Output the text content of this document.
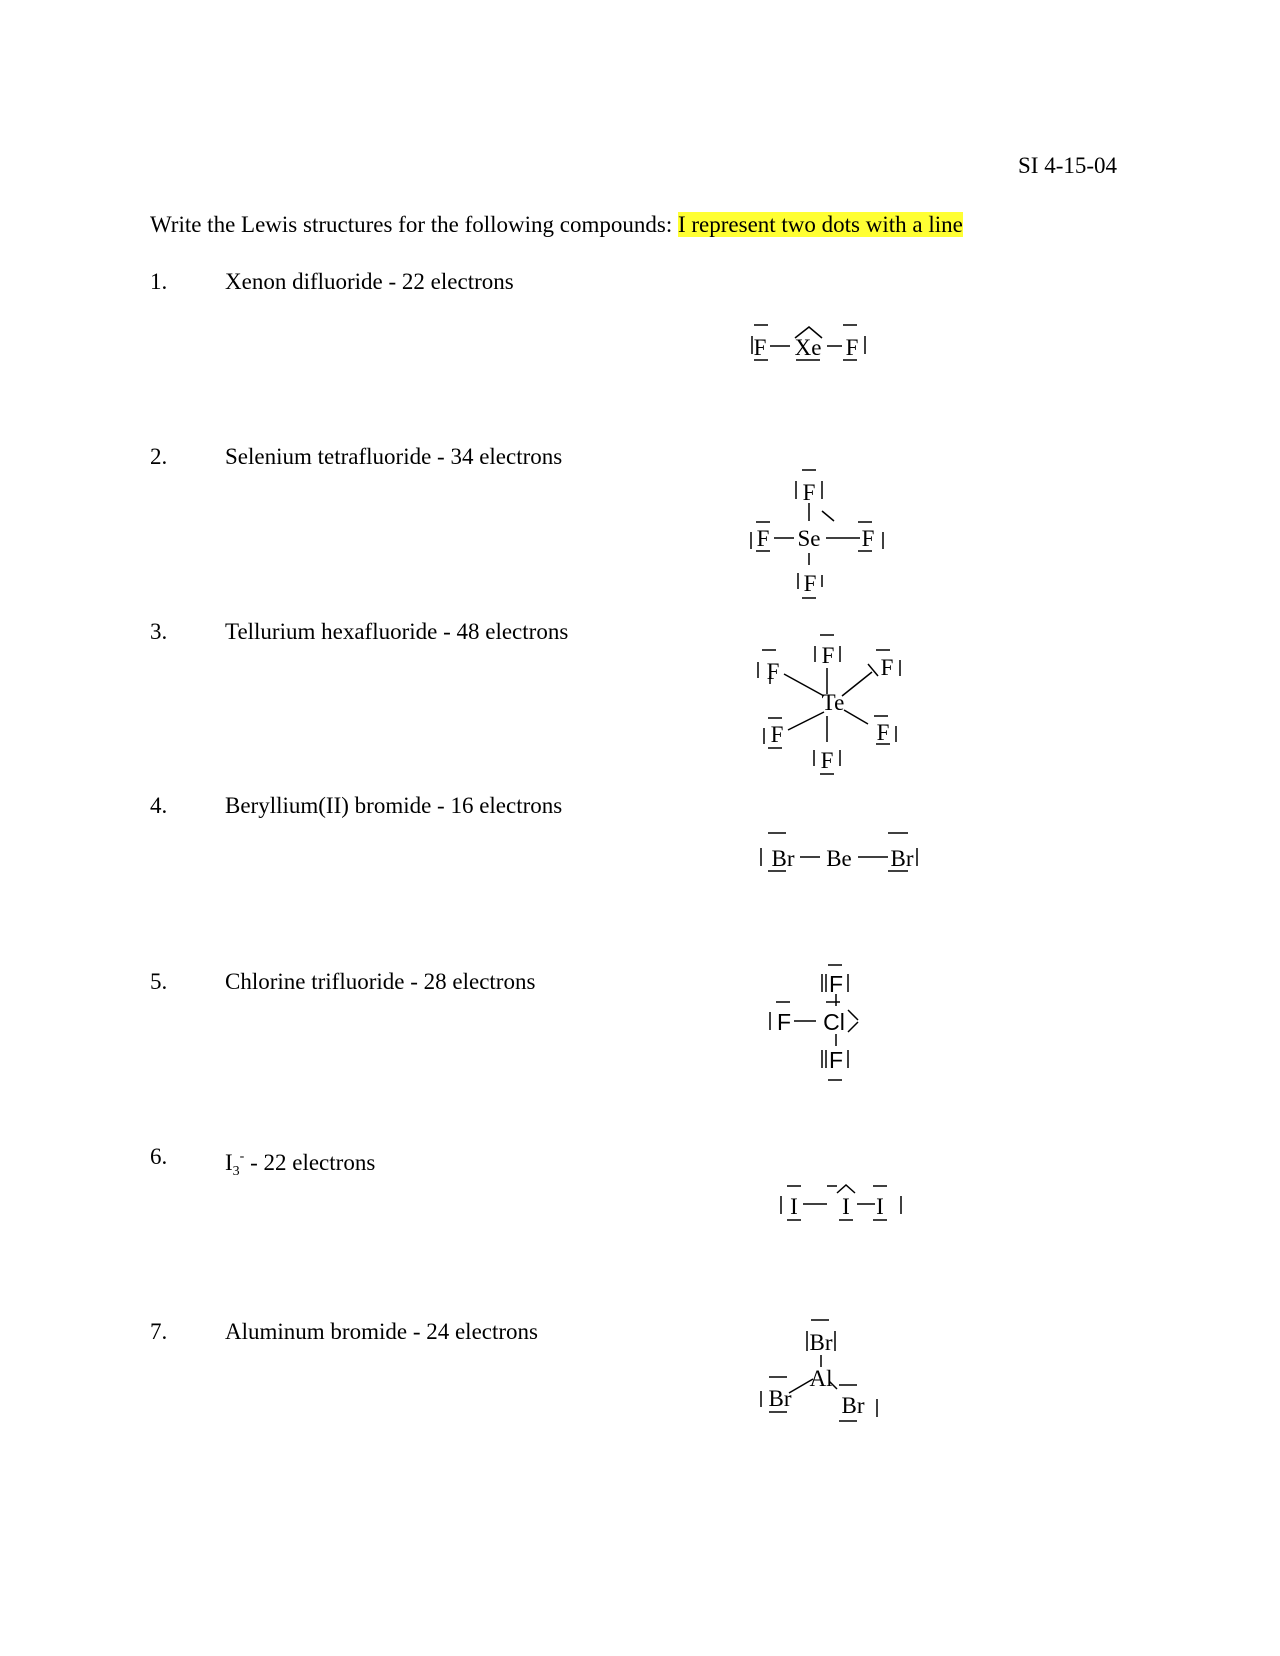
SI 4-15-04
Write the Lewis structures for the following compounds: I represent two dots with a line
1.	Xenon difluoride - 22 electrons
2.	Selenium tetrafluoride - 34 electrons
3.	Tellurium hexafluoride - 48 electrons
4.	Beryllium(II) bromide - 16 electrons
5.	Chlorine trifluoride - 28 electrons
6.	$I_3^- - 22$ electrons
7.	Aluminum bromide - 24 electrons
F Xe F
F
F Se F
F
F
F	F
Te
F	F
F
Br Be Br
F
F Cl
F
I I I
Br
Al
Br Br
